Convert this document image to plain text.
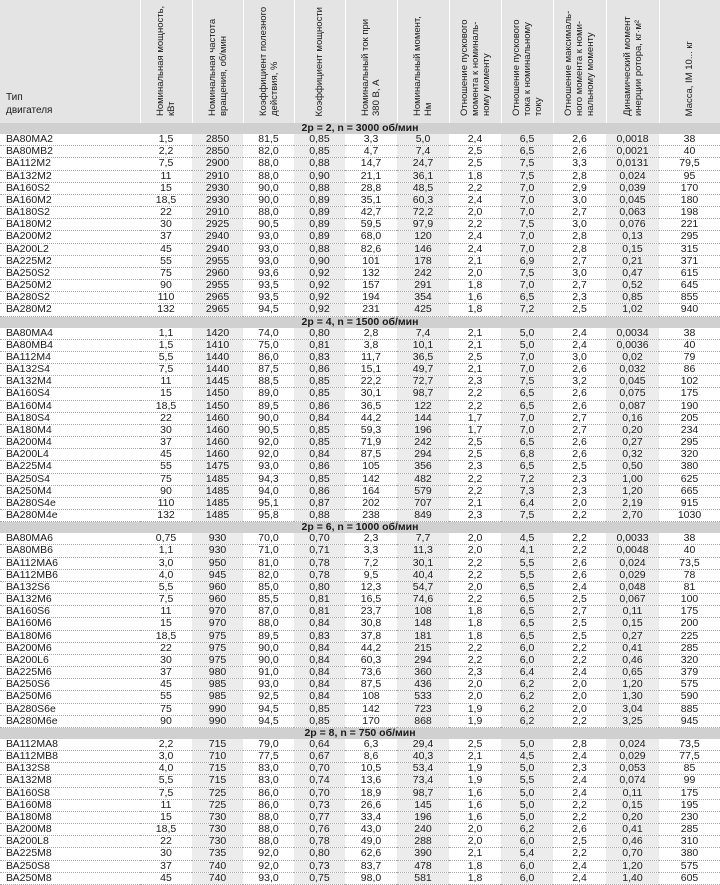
Тип
двигателя	Номинальная мощность, кВт	Номинальная частота вращения, об/мин	Коэффициент полезного действия, %	Коэффициент мощности	Номинальный ток при 380 В, А	Номинальный момент, Нм	Отношение пускового момента к номиналь-ному моменту	Отношение пускового тока к номинальному току	Отношение максималь-ного момента к номи-нальному моменту	Динамический момент инерции ротора, кг·м²	Масса, IM 10... кг
2р = 2, n = 3000 об/мин											
ВА80МА2	1,5	2850	81,5	0,85	3,3	5,0	2,4	6,5	2,6	0,0018	38
ВА80МВ2	2,2	2850	82,0	0,85	4,7	7,4	2,5	6,5	2,6	0,0021	40
ВА112М2	7,5	2900	88,0	0,88	14,7	24,7	2,5	7,5	3,3	0,0131	79,5
ВА132М2	11	2910	88,0	0,90	21,1	36,1	1,8	7,5	2,8	0,024	95
ВА160S2	15	2930	90,0	0,88	28,8	48,5	2,2	7,0	2,9	0,039	170
ВА160М2	18,5	2930	90,0	0,89	35,1	60,3	2,4	7,0	3,0	0,045	180
ВА180S2	22	2910	88,0	0,89	42,7	72,2	2,0	7,0	2,7	0,063	198
ВА180М2	30	2925	90,5	0,89	59,5	97,9	2,2	7,5	3,0	0,076	221
ВА200М2	37	2940	93,0	0,89	68,0	120	2,4	7,0	2,8	0,13	295
ВА200L2	45	2940	93,0	0,88	82,6	146	2,4	7,0	2,8	0,15	315
ВА225М2	55	2955	93,0	0,90	101	178	2,1	6,9	2,7	0,21	371
ВА250S2	75	2960	93,6	0,92	132	242	2,0	7,5	3,0	0,47	615
ВА250М2	90	2955	93,5	0,92	157	291	1,8	7,0	2,7	0,52	645
ВА280S2	110	2965	93,5	0,92	194	354	1,6	6,5	2,3	0,85	855
ВА280М2	132	2965	94,5	0,92	231	425	1,8	7,2	2,5	1,02	940
2р = 4, n = 1500 об/мин											
ВА80МА4	1,1	1420	74,0	0,80	2,8	7,4	2,1	5,0	2,4	0,0034	38
ВА80МВ4	1,5	1410	75,0	0,81	3,8	10,1	2,1	5,0	2,4	0,0036	40
ВА112М4	5,5	1440	86,0	0,83	11,7	36,5	2,5	7,0	3,0	0,02	79
ВА132S4	7,5	1440	87,5	0,86	15,1	49,7	2,1	7,0	2,6	0,032	86
ВА132М4	11	1445	88,5	0,85	22,2	72,7	2,3	7,5	3,2	0,045	102
ВА160S4	15	1450	89,0	0,85	30,1	98,7	2,2	6,5	2,6	0,075	175
ВА160М4	18,5	1450	89,5	0,86	36,5	122	2,2	6,5	2,6	0,087	190
ВА180S4	22	1460	90,0	0,84	44,2	144	1,7	7,0	2,7	0,16	205
ВА180М4	30	1460	90,5	0,85	59,3	196	1,7	7,0	2,7	0,20	234
ВА200М4	37	1460	92,0	0,85	71,9	242	2,5	6,5	2,6	0,27	295
ВА200L4	45	1460	92,0	0,84	87,5	294	2,5	6,8	2,6	0,32	320
ВА225М4	55	1475	93,0	0,86	105	356	2,3	6,5	2,5	0,50	380
ВА250S4	75	1485	94,3	0,85	142	482	2,2	7,2	2,3	1,00	625
ВА250М4	90	1485	94,0	0,86	164	579	2,2	7,3	2,3	1,20	665
ВА280S4е	110	1485	95,1	0,87	202	707	2,1	6,4	2,0	2,19	915
ВА280М4е	132	1485	95,8	0,88	238	849	2,3	7,5	2,2	2,70	1030
2р = 6, n = 1000 об/мин											
ВА80МА6	0,75	930	70,0	0,70	2,3	7,7	2,0	4,5	2,2	0,0033	38
ВА80МВ6	1,1	930	71,0	0,71	3,3	11,3	2,0	4,1	2,2	0,0048	40
ВА112МА6	3,0	950	81,0	0,78	7,2	30,1	2,2	5,5	2,6	0,024	73,5
ВА112МВ6	4,0	945	82,0	0,78	9,5	40,4	2,2	5,5	2,6	0,029	78
ВА132S6	5,5	960	85,0	0,80	12,3	54,7	2,0	6,5	2,4	0,048	81
ВА132М6	7,5	960	85,5	0,81	16,5	74,6	2,2	6,5	2,5	0,067	100
ВА160S6	11	970	87,0	0,81	23,7	108	1,8	6,5	2,7	0,11	175
ВА160М6	15	970	88,0	0,84	30,8	148	1,8	6,5	2,5	0,15	200
ВА180М6	18,5	975	89,5	0,83	37,8	181	1,8	6,5	2,5	0,27	225
ВА200М6	22	975	90,0	0,84	44,2	215	2,2	6,0	2,2	0,41	285
ВА200L6	30	975	90,0	0,84	60,3	294	2,2	6,0	2,2	0,46	320
ВА225М6	37	980	91,0	0,84	73,6	360	2,3	6,4	2,4	0,65	379
ВА250S6	45	985	93,0	0,84	87,5	436	2,0	6,2	2,0	1,20	575
ВА250М6	55	985	92,5	0,84	108	533	2,0	6,2	2,0	1,30	590
ВА280S6е	75	990	94,5	0,85	142	723	1,9	6,2	2,0	3,04	885
ВА280М6е	90	990	94,5	0,85	170	868	1,9	6,2	2,2	3,25	945
2р = 8, n = 750 об/мин											
ВА112МА8	2,2	715	79,0	0,64	6,3	29,4	2,5	5,0	2,8	0,024	73,5
ВА112МВ8	3,0	710	77,5	0,67	8,6	40,3	2,1	4,5	2,4	0,029	77,5
ВА132S8	4,0	715	83,0	0,70	10,5	53,4	1,9	5,0	2,3	0,053	85
ВА132М8	5,5	715	83,0	0,74	13,6	73,4	1,9	5,5	2,4	0,074	99
ВА160S8	7,5	725	86,0	0,70	18,9	98,7	1,6	5,0	2,4	0,11	175
ВА160М8	11	725	86,0	0,73	26,6	145	1,6	5,0	2,2	0,15	195
ВА180М8	15	730	88,0	0,77	33,4	196	1,6	5,0	2,2	0,20	230
ВА200М8	18,5	730	88,0	0,76	43,0	240	2,0	6,2	2,6	0,41	285
ВА200L8	22	730	88,0	0,78	49,0	288	2,0	6,0	2,5	0,46	310
ВА225М8	30	735	92,0	0,80	62,6	390	2,1	5,4	2,2	0,70	380
ВА250S8	37	740	92,0	0,73	83,7	478	1,8	6,0	2,4	1,20	575
ВА250М8	45	740	93,0	0,75	98,0	581	1,8	6,0	2,4	1,40	605
